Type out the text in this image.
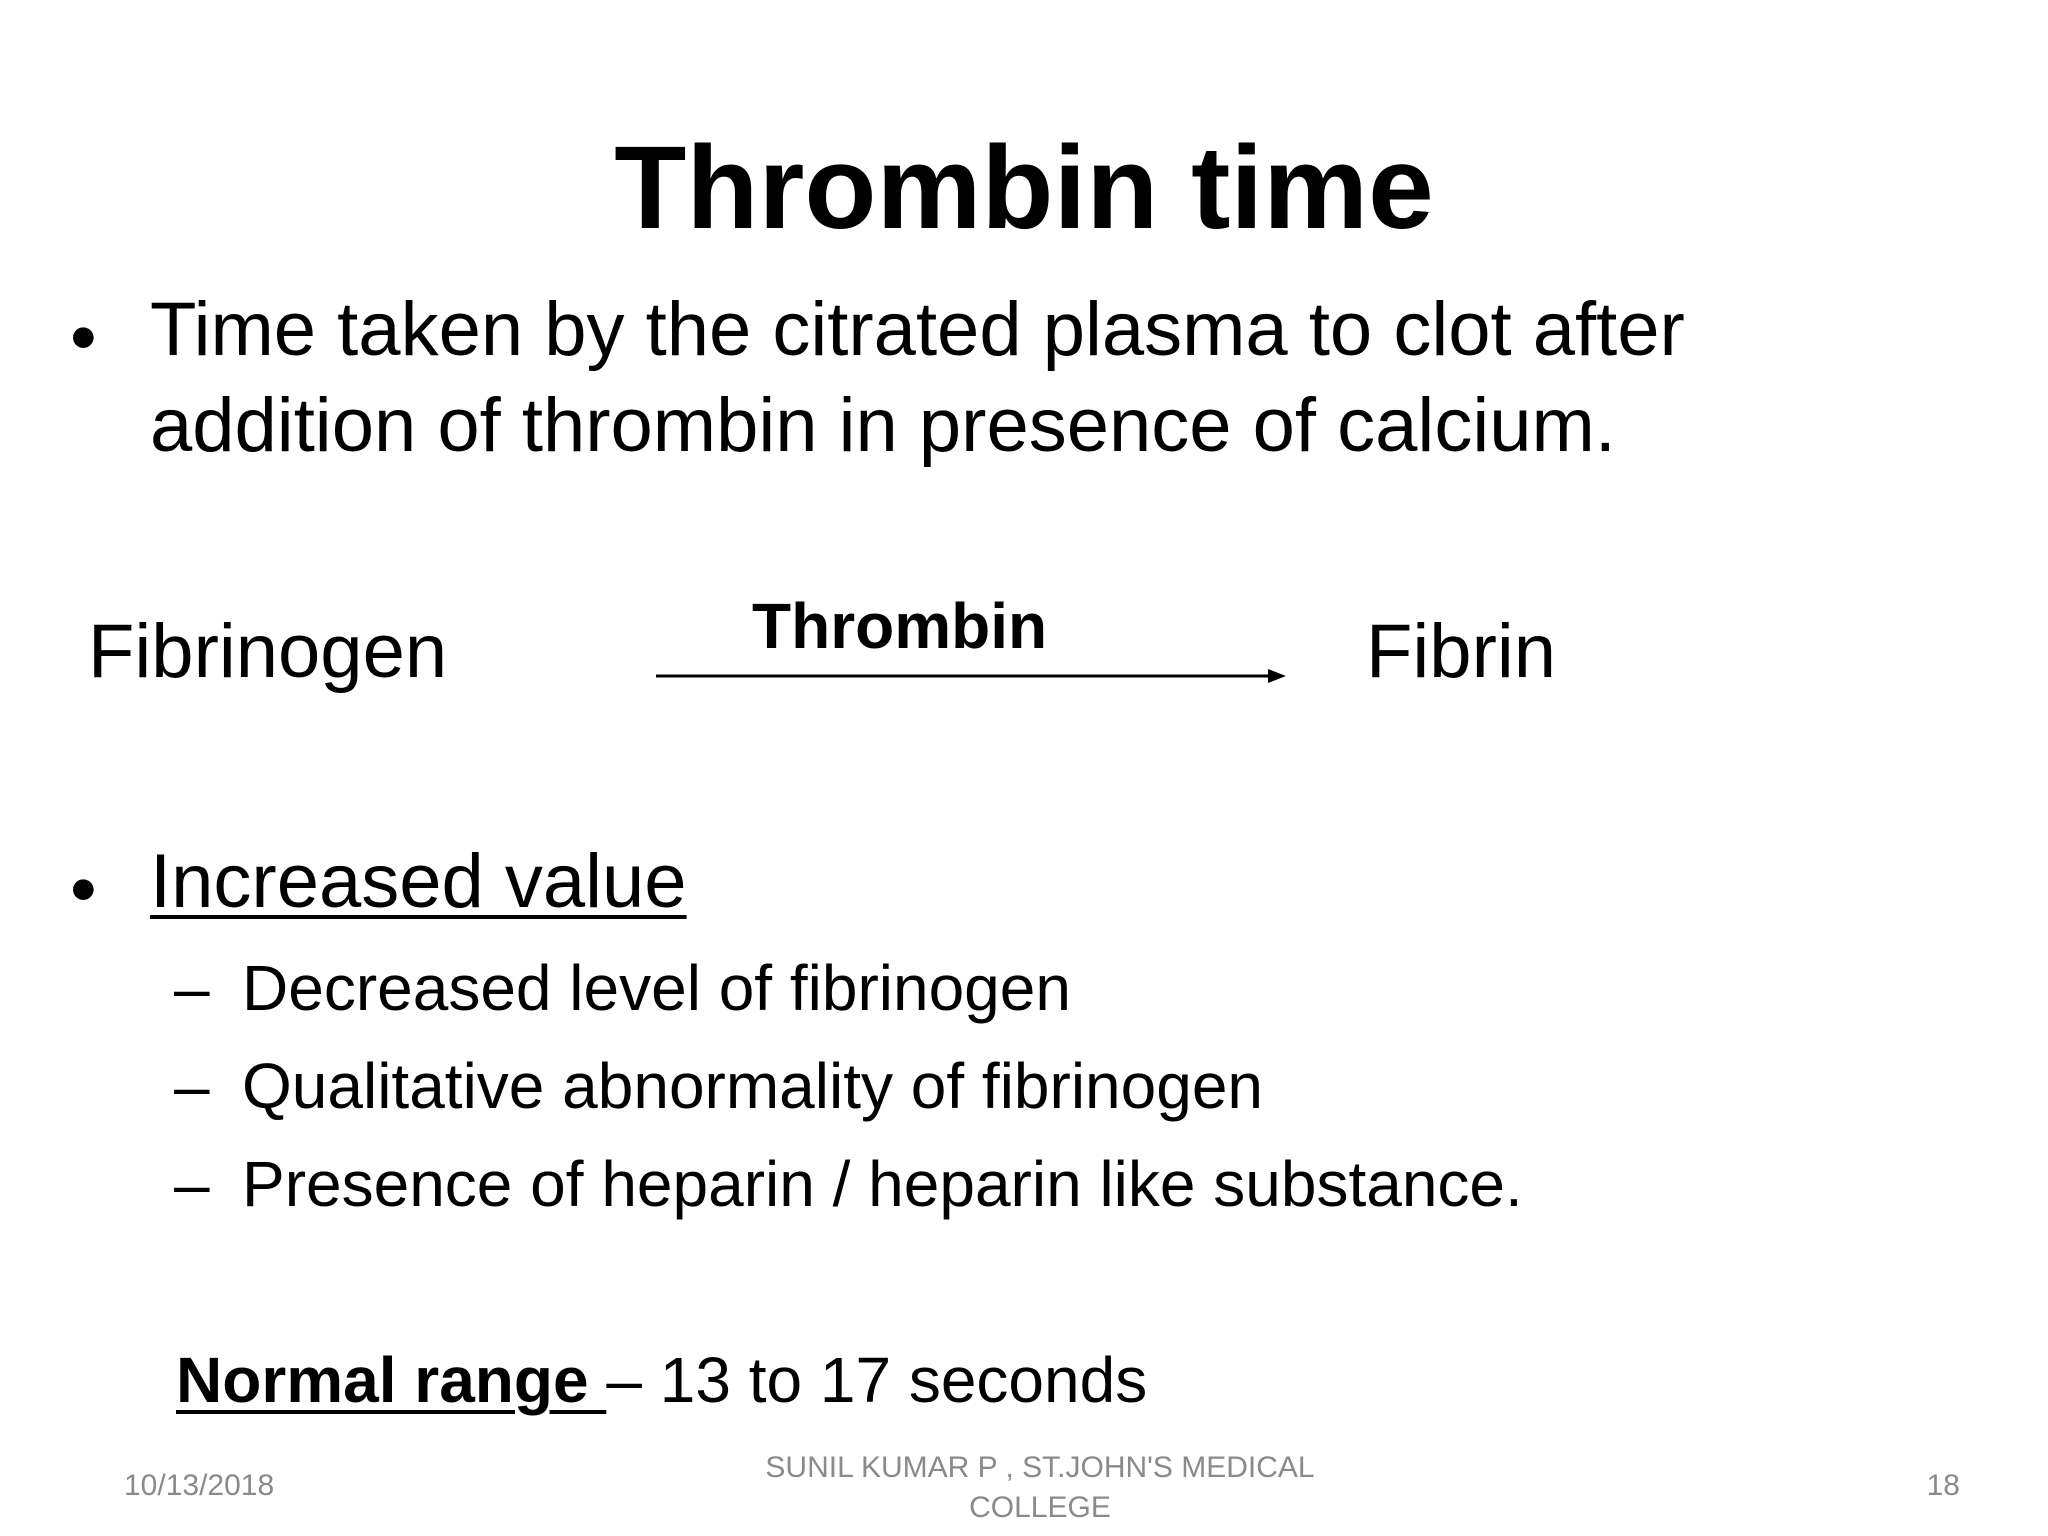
Thrombin time
• Time taken by the citrated plasma to clot after addition of thrombin in presence of calcium.
Fibrinogen	Thrombin	Fibrin
• Increased value
– Decreased level of fibrinogen
– Qualitative abnormality of fibrinogen
– Presence of heparin / heparin like substance.
Normal range – 13 to 17 seconds
10/13/2018
SUNIL KUMAR P , ST.JOHN'S MEDICAL
COLLEGE
18
